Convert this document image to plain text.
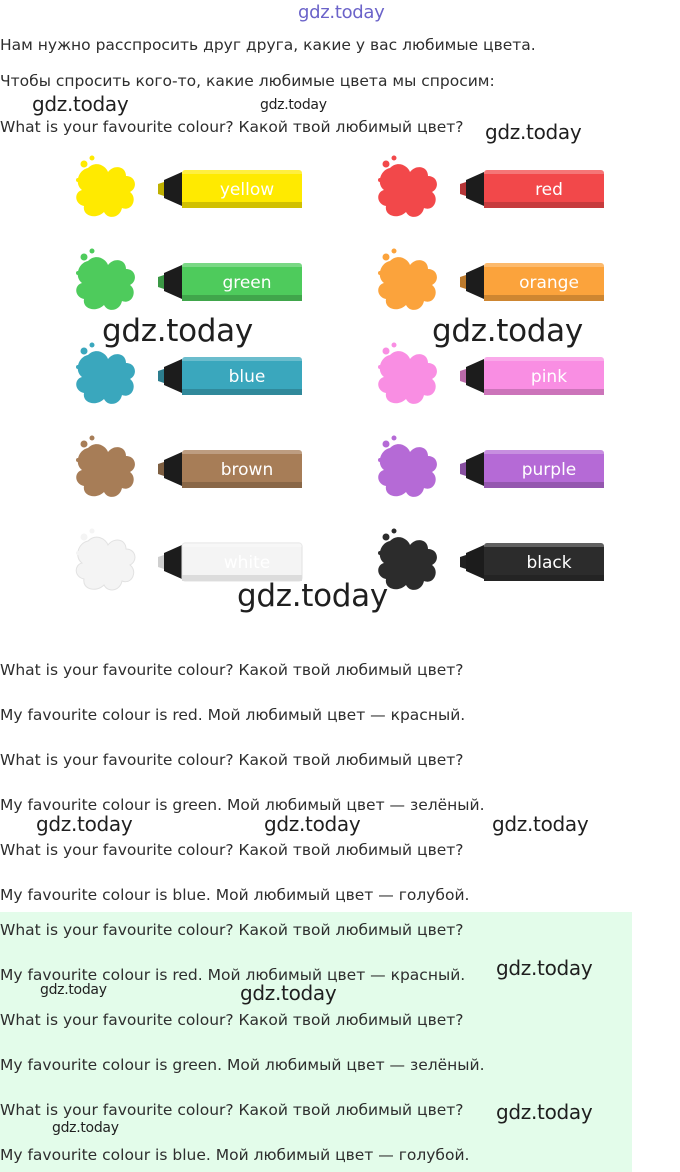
gdz.today

Нам нужно расспросить друг друга, какие у вас любимые цвета.

Чтобы спросить кого-то, какие любимые цвета мы спросим:

gdz.today	gdz.today

What is your favourite colour? Какой твой любимый цвет? gdz.today
yellow	red
green	orange
blue	pink
brown	purple
white	black
gdz.today	gdz.today
gdz.today

What is your favourite colour? Какой твой любимый цвет?

My favourite colour is red. Мой любимый цвет — красный.

What is your favourite colour? Какой твой любимый цвет?

My favourite colour is green. Мой любимый цвет — зелёный.

gdz.today	gdz.today	gdz.today

What is your favourite colour? Какой твой любимый цвет?

My favourite colour is blue. Мой любимый цвет — голубой.

What is your favourite colour? Какой твой любимый цвет?

gdz.today

My favourite colour is red. Мой любимый цвет — красный.

gdz.today	gdz.today

What is your favourite colour? Какой твой любимый цвет?

My favourite colour is green. Мой любимый цвет — зелёный.

What is your favourite colour? Какой твой любимый цвет? gdz.today
gdz.today

My favourite colour is blue. Мой любимый цвет — голубой.
